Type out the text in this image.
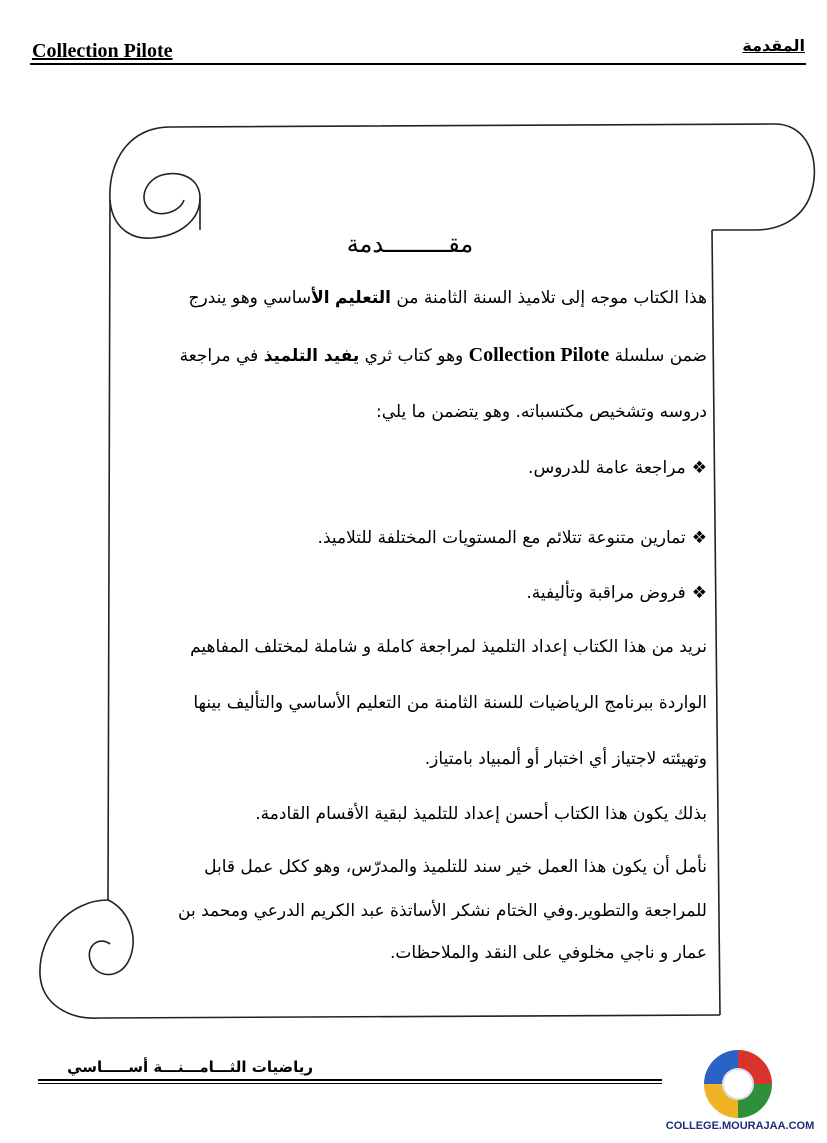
Collection Pilote	المقدمة
مقـــــــــدمة
هذا الكتاب موجه إلى تلاميذ السنة الثامنة من التعليم الأساسي وهو يندرج
ضمن سلسلة Collection Pilote وهو كتاب ثري يفيد التلميذ في مراجعة
دروسه وتشخيص مكتسباته. وهو يتضمن ما يلي:
❖مراجعة عامة للدروس.
❖تمارين متنوعة تتلائم مع المستويات المختلفة للتلاميذ.
❖فروض مراقبة وتأليفية.
نريد من هذا الكتاب إعداد التلميذ لمراجعة كاملة و شاملة لمختلف المفاهيم
الواردة ببرنامج الرياضيات للسنة الثامنة من التعليم الأساسي والتأليف بينها
وتهيئته لاجتياز أي اختبار أو ألمبياد بامتياز.
بذلك يكون هذا الكتاب أحسن إعداد للتلميذ لبقية الأقسام القادمة.
نأمل أن يكون هذا العمل خير سند للتلميذ والمدرّس، وهو ككل عمل قابل
للمراجعة والتطوير.وفي الختام نشكر الأساتذة عبد الكريم الدرعي ومحمد بن
عمار و ناجي مخلوفي على النقد والملاحظات.
رياضيات الثـــامـــنـــة أســـــاسي
COLLEGE.MOURAJAA.COM
